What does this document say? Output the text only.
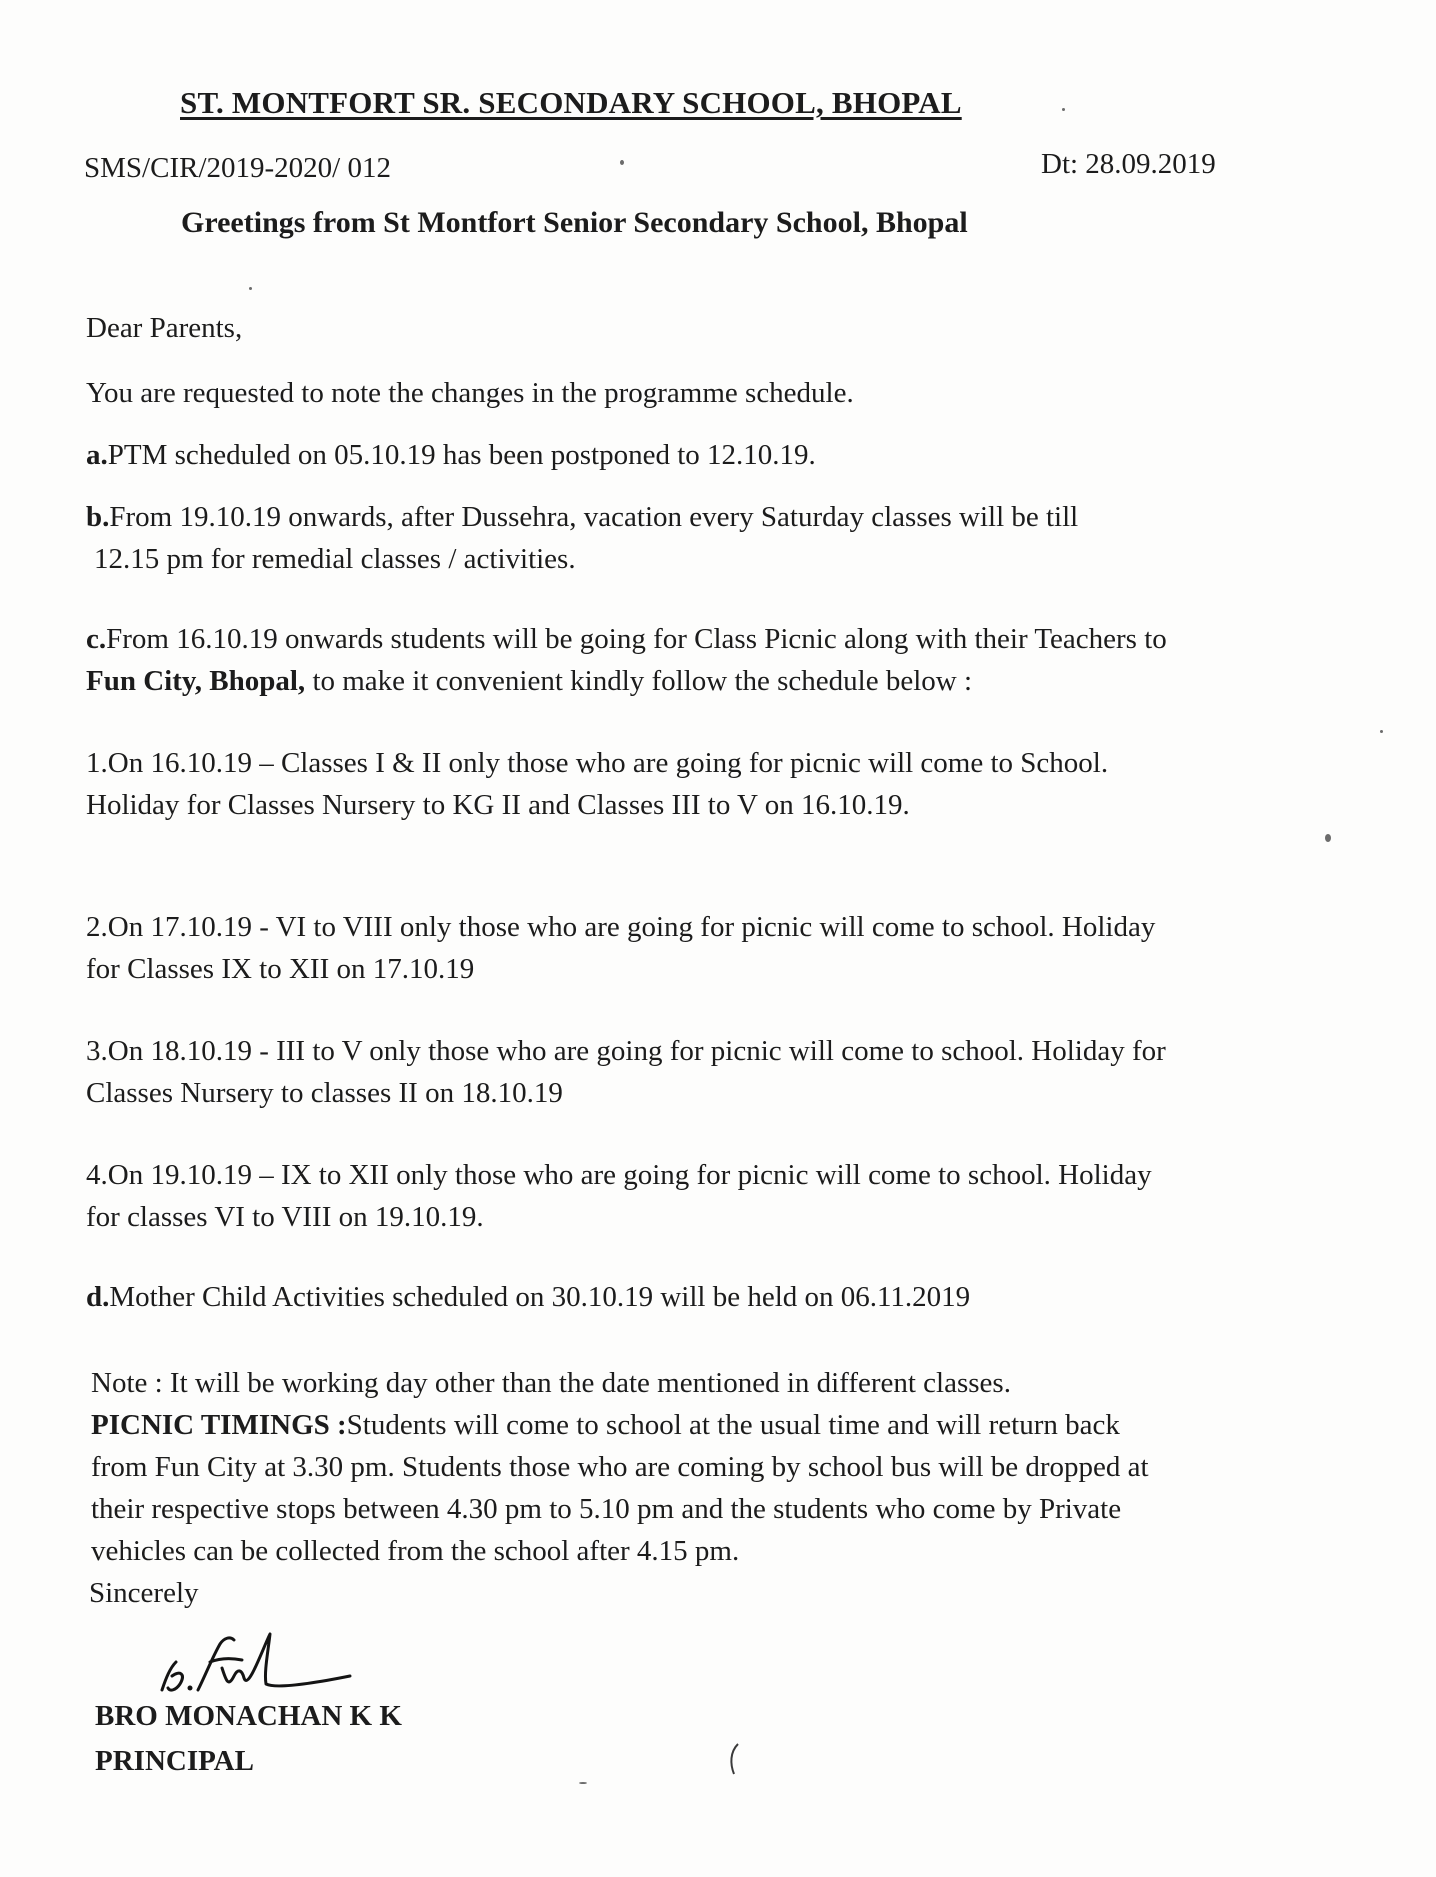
ST. MONTFORT SR. SECONDARY SCHOOL, BHOPAL
SMS/CIR/2019-2020/ 012	Dt: 28.09.2019
Greetings from St Montfort Senior Secondary School, Bhopal
Dear Parents,
You are requested to note the changes in the programme schedule.
a.PTM scheduled on 05.10.19 has been postponed to 12.10.19.
b.From 19.10.19 onwards, after Dussehra, vacation every Saturday classes will be till
12.15 pm for remedial classes / activities.
c.From 16.10.19 onwards students will be going for Class Picnic along with their Teachers to
Fun City, Bhopal, to make it convenient kindly follow the schedule below :
1.On 16.10.19 – Classes I & II only those who are going for picnic will come to School.
Holiday for Classes Nursery to KG II and Classes III to V on 16.10.19.
2.On 17.10.19 - VI to VIII only those who are going for picnic will come to school. Holiday
for Classes IX to XII on 17.10.19
3.On 18.10.19 - III to V only those who are going for picnic will come to school. Holiday for
Classes Nursery to classes II on 18.10.19
4.On 19.10.19 – IX to XII only those who are going for picnic will come to school. Holiday
for classes VI to VIII on 19.10.19.
d.Mother Child Activities scheduled on 30.10.19 will be held on 06.11.2019
Note : It will be working day other than the date mentioned in different classes.
PICNIC TIMINGS :Students will come to school at the usual time and will return back
from Fun City at 3.30 pm. Students those who are coming by school bus will be dropped at
their respective stops between 4.30 pm to 5.10 pm and the students who come by Private
vehicles can be collected from the school after 4.15 pm.
Sincerely
BRO MONACHAN K K
PRINCIPAL
